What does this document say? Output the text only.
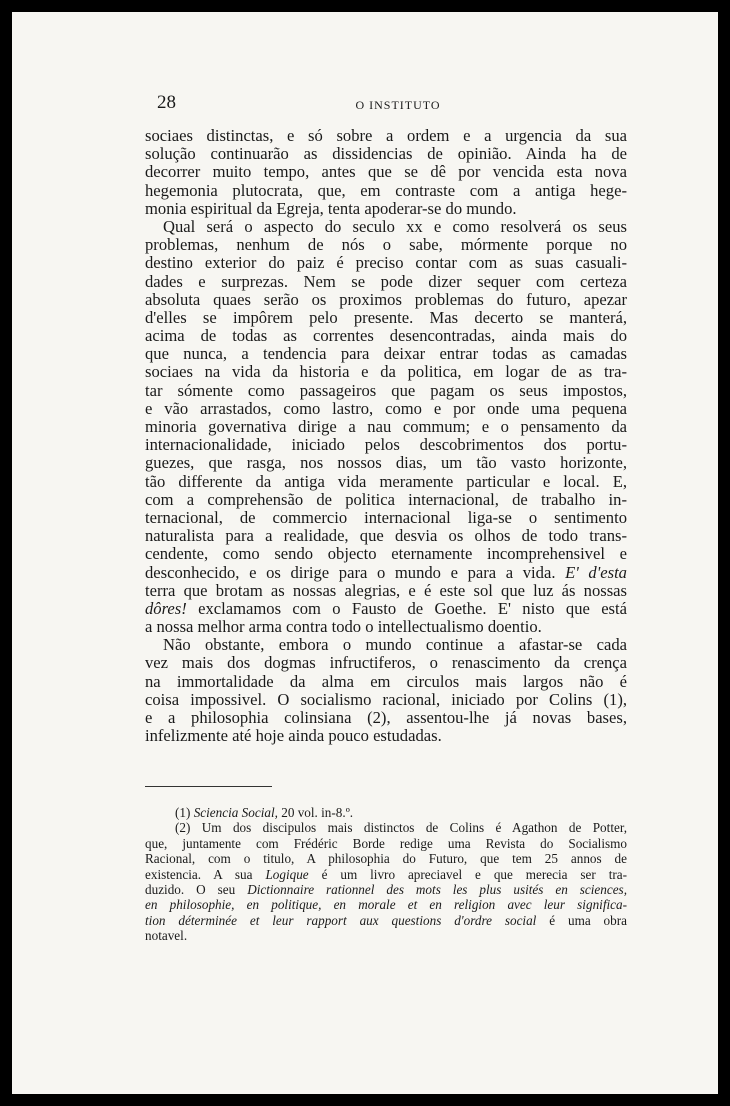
28	O INSTITUTO
sociaes distinctas, e só sobre a ordem e a urgencia da sua
solução continuarão as dissidencias de opinião. Ainda ha de
decorrer muito tempo, antes que se dê por vencida esta nova
hegemonia plutocrata, que, em contraste com a antiga hege-
monia espiritual da Egreja, tenta apoderar-se do mundo.
Qual será o aspecto do seculo xx e como resolverá os seus
problemas, nenhum de nós o sabe, mórmente porque no
destino exterior do paiz é preciso contar com as suas casuali-
dades e surprezas. Nem se pode dizer sequer com certeza
absoluta quaes serão os proximos problemas do futuro, apezar
d'elles se impôrem pelo presente. Mas decerto se manterá,
acima de todas as correntes desencontradas, ainda mais do
que nunca, a tendencia para deixar entrar todas as camadas
sociaes na vida da historia e da politica, em logar de as tra-
tar sómente como passageiros que pagam os seus impostos,
e vão arrastados, como lastro, como e por onde uma pequena
minoria governativa dirige a nau commum; e o pensamento da
internacionalidade, iniciado pelos descobrimentos dos portu-
guezes, que rasga, nos nossos dias, um tão vasto horizonte,
tão differente da antiga vida meramente particular e local. E,
com a comprehensão de politica internacional, de trabalho in-
ternacional, de commercio internacional liga-se o sentimento
naturalista para a realidade, que desvia os olhos de todo trans-
cendente, como sendo objecto eternamente incomprehensivel e
desconhecido, e os dirige para o mundo e para a vida. E' d'esta
terra que brotam as nossas alegrias, e é este sol que luz ás nossas
dôres! exclamamos com o Fausto de Goethe. E' nisto que está
a nossa melhor arma contra todo o intellectualismo doentio.
Não obstante, embora o mundo continue a afastar-se cada
vez mais dos dogmas infructiferos, o renascimento da crença
na immortalidade da alma em circulos mais largos não é
coisa impossivel. O socialismo racional, iniciado por Colins (1),
e a philosophia colinsiana (2), assentou-lhe já novas bases,
infelizmente até hoje ainda pouco estudadas.
(1) Sciencia Social, 20 vol. in-8.º.
(2) Um dos discipulos mais distinctos de Colins é Agathon de Potter,
que, juntamente com Frédéric Borde redige uma Revista do Socialismo
Racional, com o titulo, A philosophia do Futuro, que tem 25 annos de
existencia. A sua Logique é um livro apreciavel e que merecia ser tra-
duzido. O seu Dictionnaire rationnel des mots les plus usités en sciences,
en philosophie, en politique, en morale et en religion avec leur significa-
tion déterminée et leur rapport aux questions d'ordre social é uma obra
notavel.
